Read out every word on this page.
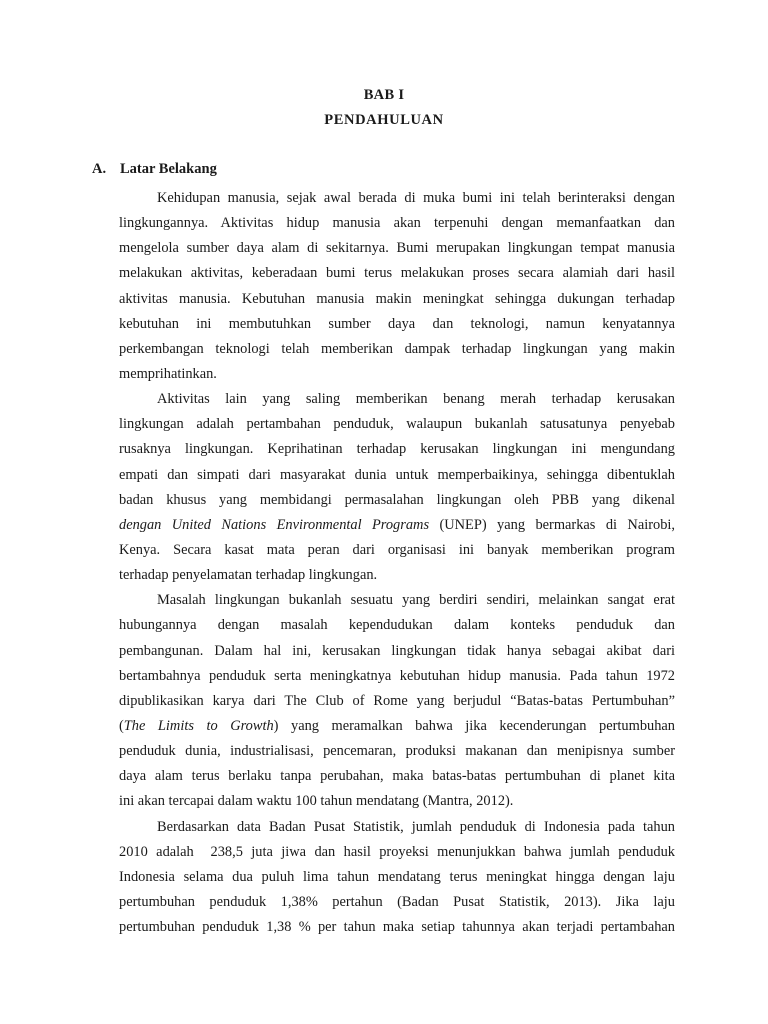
BAB I
PENDAHULUAN
A. Latar Belakang
Kehidupan manusia, sejak awal berada di muka bumi ini telah berinteraksi dengan
lingkungannya. Aktivitas hidup manusia akan terpenuhi dengan memanfaatkan dan
mengelola sumber daya alam di sekitarnya. Bumi merupakan lingkungan tempat manusia
melakukan aktivitas, keberadaan bumi terus melakukan proses secara alamiah dari hasil
aktivitas manusia. Kebutuhan manusia makin meningkat sehingga dukungan terhadap
kebutuhan ini membutuhkan sumber daya dan teknologi, namun kenyatannya
perkembangan teknologi telah memberikan dampak terhadap lingkungan yang makin
memprihatinkan.
Aktivitas lain yang saling memberikan benang merah terhadap kerusakan
lingkungan adalah pertambahan penduduk, walaupun bukanlah satusatunya penyebab
rusaknya lingkungan. Keprihatinan terhadap kerusakan lingkungan ini mengundang
empati dan simpati dari masyarakat dunia untuk memperbaikinya, sehingga dibentuklah
badan khusus yang membidangi permasalahan lingkungan oleh PBB yang dikenal
dengan United Nations Environmental Programs (UNEP) yang bermarkas di Nairobi,
Kenya. Secara kasat mata peran dari organisasi ini banyak memberikan program
terhadap penyelamatan terhadap lingkungan.
Masalah lingkungan bukanlah sesuatu yang berdiri sendiri, melainkan sangat erat
hubungannya dengan masalah kependudukan dalam konteks penduduk dan
pembangunan. Dalam hal ini, kerusakan lingkungan tidak hanya sebagai akibat dari
bertambahnya penduduk serta meningkatnya kebutuhan hidup manusia. Pada tahun 1972
dipublikasikan karya dari The Club of Rome yang berjudul “Batas-batas Pertumbuhan”
(The Limits to Growth) yang meramalkan bahwa jika kecenderungan pertumbuhan
penduduk dunia, industrialisasi, pencemaran, produksi makanan dan menipisnya sumber
daya alam terus berlaku tanpa perubahan, maka batas-batas pertumbuhan di planet kita
ini akan tercapai dalam waktu 100 tahun mendatang (Mantra, 2012).
Berdasarkan data Badan Pusat Statistik, jumlah penduduk di Indonesia pada tahun
2010 adalah  238,5 juta jiwa dan hasil proyeksi menunjukkan bahwa jumlah penduduk
Indonesia selama dua puluh lima tahun mendatang terus meningkat hingga dengan laju
pertumbuhan penduduk 1,38% pertahun (Badan Pusat Statistik, 2013). Jika laju
pertumbuhan penduduk 1,38 % per tahun maka setiap tahunnya akan terjadi pertambahan
